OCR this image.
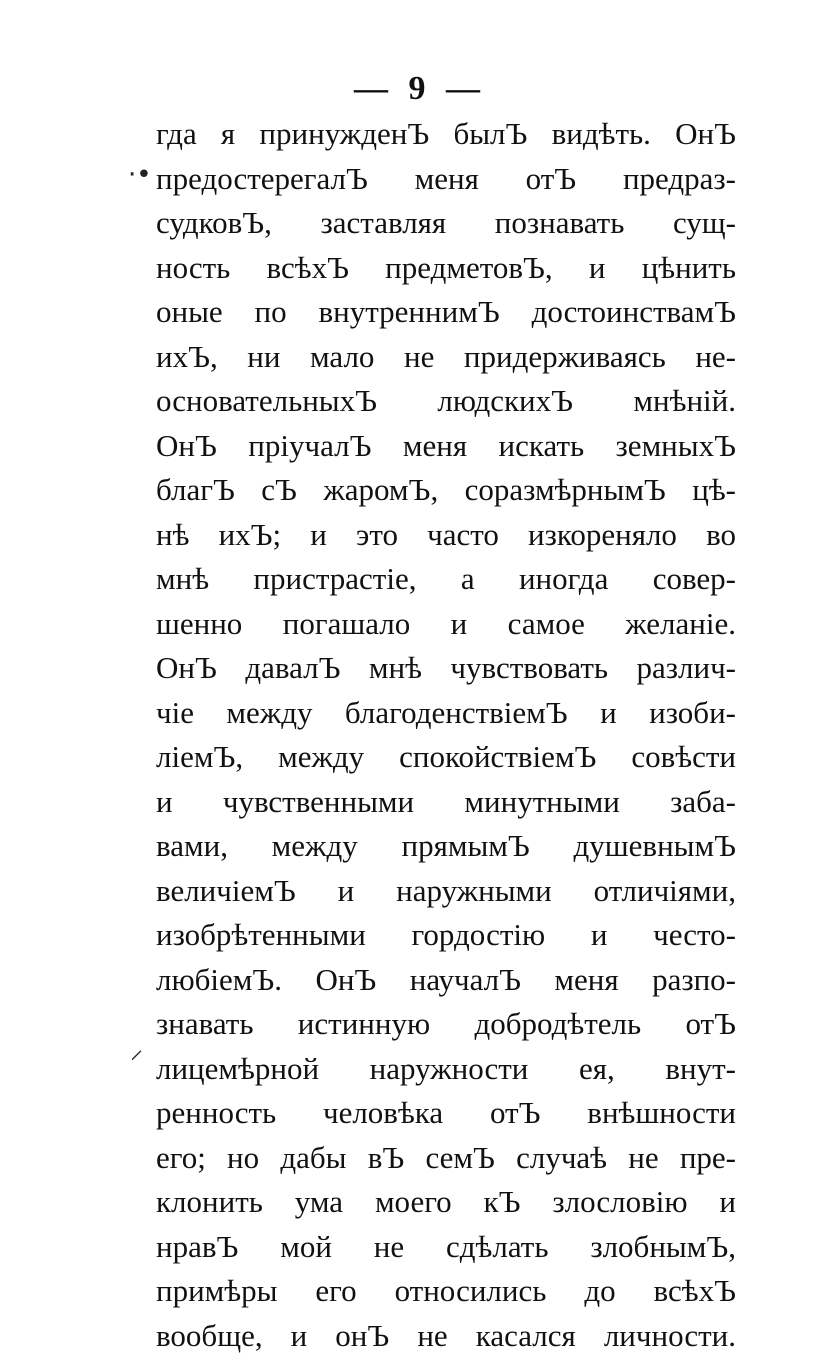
— 9 —
·•
⸝
гда я принужденЪ былЪ видѣть. ОнЪ
предостерегалЪ меня отЪ предраз-
судковЪ, заставляя познавать сущ-
ность всѣхЪ предметовЪ, и цѣнить
оные по внутреннимЪ достоинствамЪ
ихЪ, ни мало не придерживаясь не-
основательныхЪ людскихЪ мнѣній.
ОнЪ пріучалЪ меня искать земныхЪ
благЪ сЪ жаромЪ, соразмѣрнымЪ цѣ-
нѣ ихЪ; и это часто изкореняло во
мнѣ пристрастіе, а иногда совер-
шенно погашало и самое желаніе.
ОнЪ давалЪ мнѣ чувствовать различ-
чіе между благоденствіемЪ и изоби-
ліемЪ, между спокойствіемЪ совѣсти
и чувственными минутными заба-
вами, между прямымЪ душевнымЪ
величіемЪ и наружными отличіями,
изобрѣтенными гордостію и често-
любіемЪ. ОнЪ научалЪ меня разпо-
знавать истинную добродѣтель отЪ
лицемѣрной наружности ея, внут-
ренность человѣка отЪ внѣшности
его; но дабы вЪ семЪ случаѣ не пре-
клонить ума моего кЪ злословію и
нравЪ мой не сдѣлать злобнымЪ,
примѣры его относились до всѣхЪ
вообще, и онЪ не касался личности.
